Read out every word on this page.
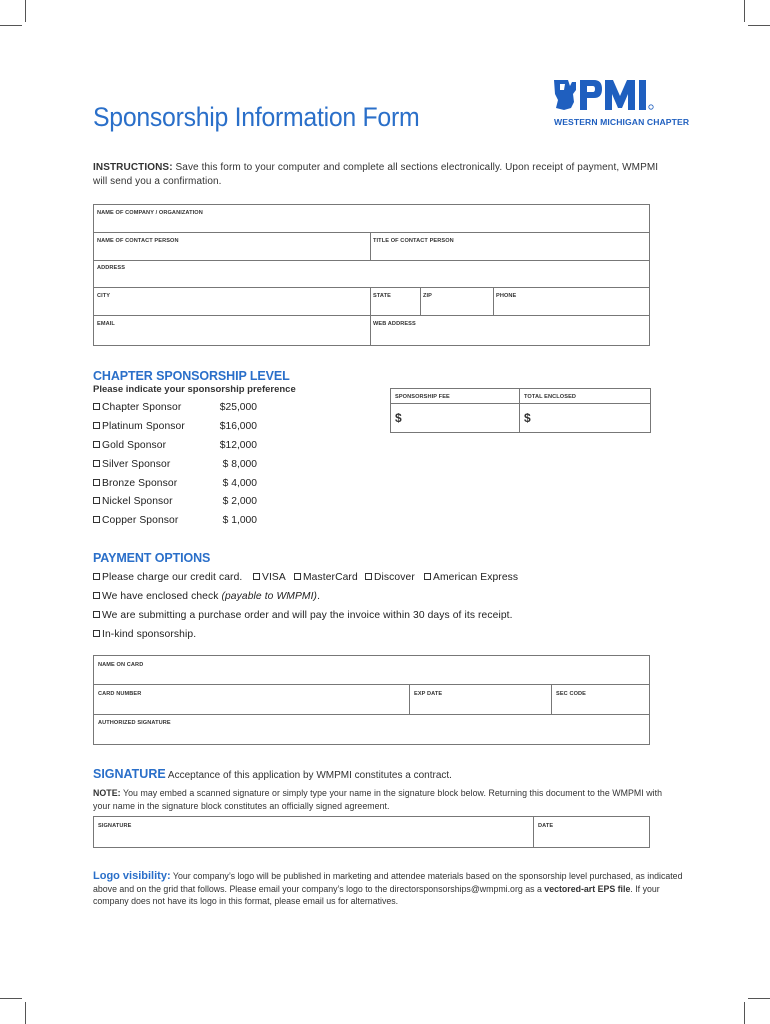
Sponsorship Information Form	WESTERN MICHIGAN CHAPTER
INSTRUCTIONS: Save this form to your computer and complete all sections electronically. Upon receipt of payment, WMPMI will send you a confirmation.
NAME OF COMPANY / ORGANIZATION
NAME OF CONTACT PERSON	TITLE OF CONTACT PERSON
ADDRESS
CITY	STATE	ZIP	PHONE
EMAIL	WEB ADDRESS
CHAPTER SPONSORSHIP LEVEL
Please indicate your sponsorship preference
Chapter Sponsor	$25,000
Platinum Sponsor	$16,000
Gold Sponsor	$12,000
Silver Sponsor	$ 8,000
Bronze Sponsor	$ 4,000
Nickel Sponsor	$ 2,000
Copper Sponsor	$ 1,000
SPONSORSHIP FEE	TOTAL ENCLOSED
$	$
PAYMENT OPTIONS
Please charge our credit card.	VISA	MasterCard	Discover	American Express
We have enclosed check (payable to WMPMI).
We are submitting a purchase order and will pay the invoice within 30 days of its receipt.
In-kind sponsorship.
NAME ON CARD
CARD NUMBER	EXP DATE	SEC CODE
AUTHORIZED SIGNATURE
SIGNATURE Acceptance of this application by WMPMI constitutes a contract.
NOTE: You may embed a scanned signature or simply type your name in the signature block below. Returning this document to the WMPMI with your name in the signature block constitutes an officially signed agreement.
SIGNATURE	DATE
Logo visibility: Your company’s logo will be published in marketing and attendee materials based on the sponsorship level purchased, as indicated above and on the grid that follows. Please email your company’s logo to the directorsponsorships@wmpmi.org as a vectored-art EPS file. If your company does not have its logo in this format, please email us for alternatives.
